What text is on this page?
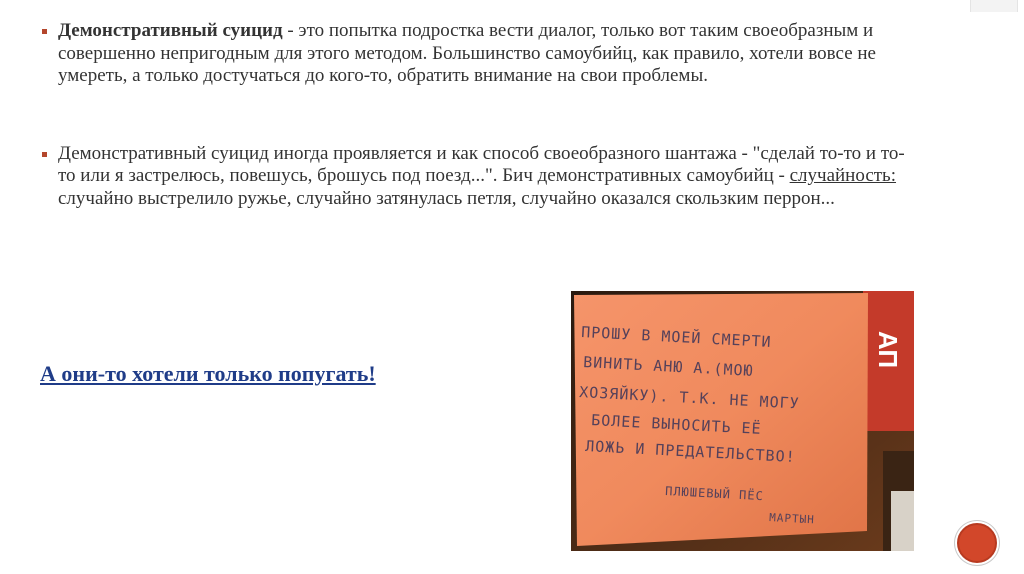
Демонстративный суицид - это попытка подростка вести диалог, только вот таким своеобразным и совершенно непригодным для этого методом. Большинство самоубийц, как правило, хотели вовсе не умереть, а только достучаться до кого-то, обратить внимание на свои проблемы.
Демонстративный суицид иногда проявляется и как способ своеобразного шантажа - "сделай то-то и то-то или я застрелюсь, повешусь, брошусь под поезд...". Бич демонстративных самоубийц - случайность: случайно выстрелило ружье, случайно затянулась петля, случайно оказался скользким перрон...
А они-то хотели только попугать!
АП
ПРОШУ В МОЕЙ СМЕРТИ
ВИНИТЬ АНЮ А.(МОЮ
ХОЗЯЙКУ). Т.К. НЕ МОГУ
БОЛЕЕ ВЫНОСИТЬ ЕЁ
ЛОЖЬ И ПРЕДАТЕЛЬСТВО!
ПЛЮШЕВЫЙ ПЁС
МАРТЫН
